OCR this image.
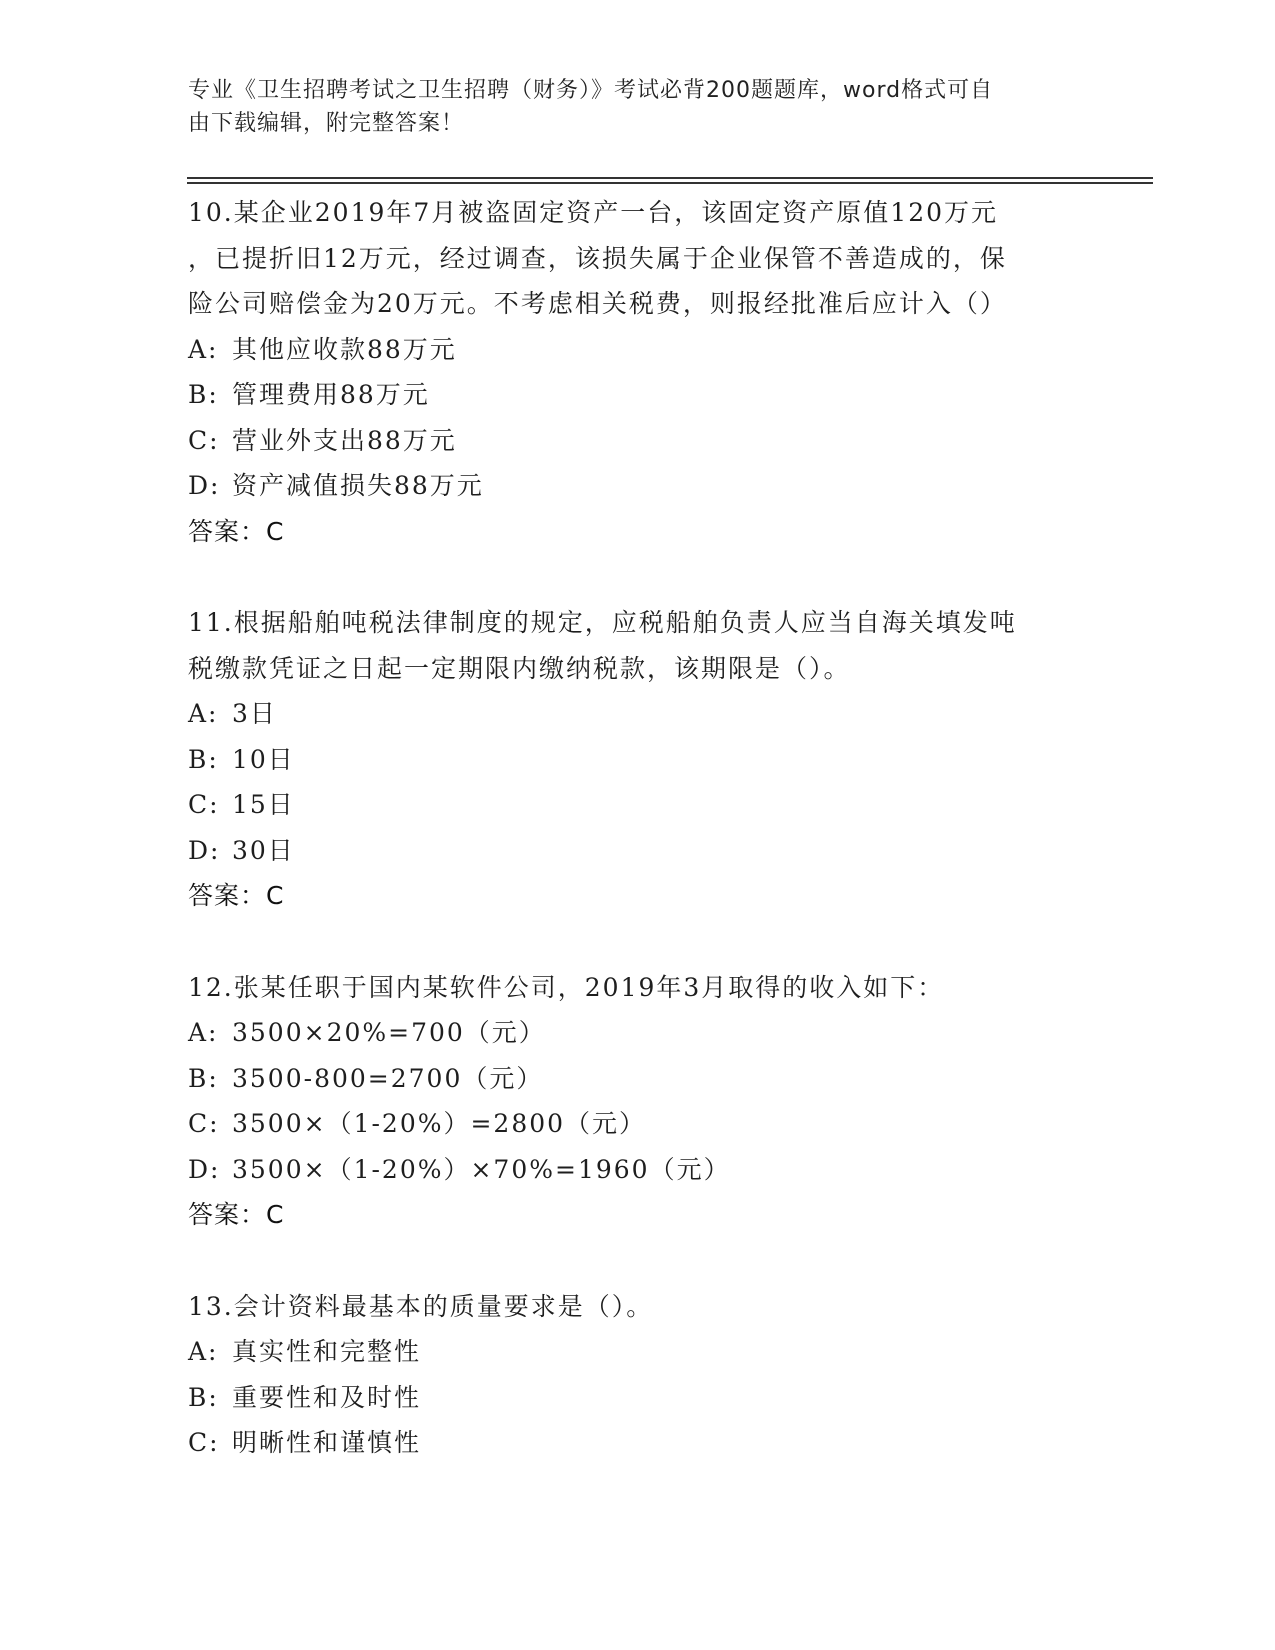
专业《卫生招聘考试之卫生招聘（财务）》考试必背200题题库，word格式可自
由下载编辑，附完整答案！
10.某企业2019年7月被盗固定资产一台，该固定资产原值120万元
，已提折旧12万元，经过调查，该损失属于企业保管不善造成的，保
险公司赔偿金为20万元。不考虑相关税费，则报经批准后应计入（）
A: 其他应收款88万元
B: 管理费用88万元
C: 营业外支出88万元
D: 资产减值损失88万元
答案：C
11.根据船舶吨税法律制度的规定，应税船舶负责人应当自海关填发吨
税缴款凭证之日起一定期限内缴纳税款，该期限是（）。
A: 3日
B: 10日
C: 15日
D: 30日
答案：C
12.张某任职于国内某软件公司，2019年3月取得的收入如下：
A: 3500×20%=700（元）
B: 3500-800=2700（元）
C: 3500×（1-20%）=2800（元）
D: 3500×（1-20%）×70%=1960（元）
答案：C
13.会计资料最基本的质量要求是（）。
A: 真实性和完整性
B: 重要性和及时性
C: 明晰性和谨慎性
